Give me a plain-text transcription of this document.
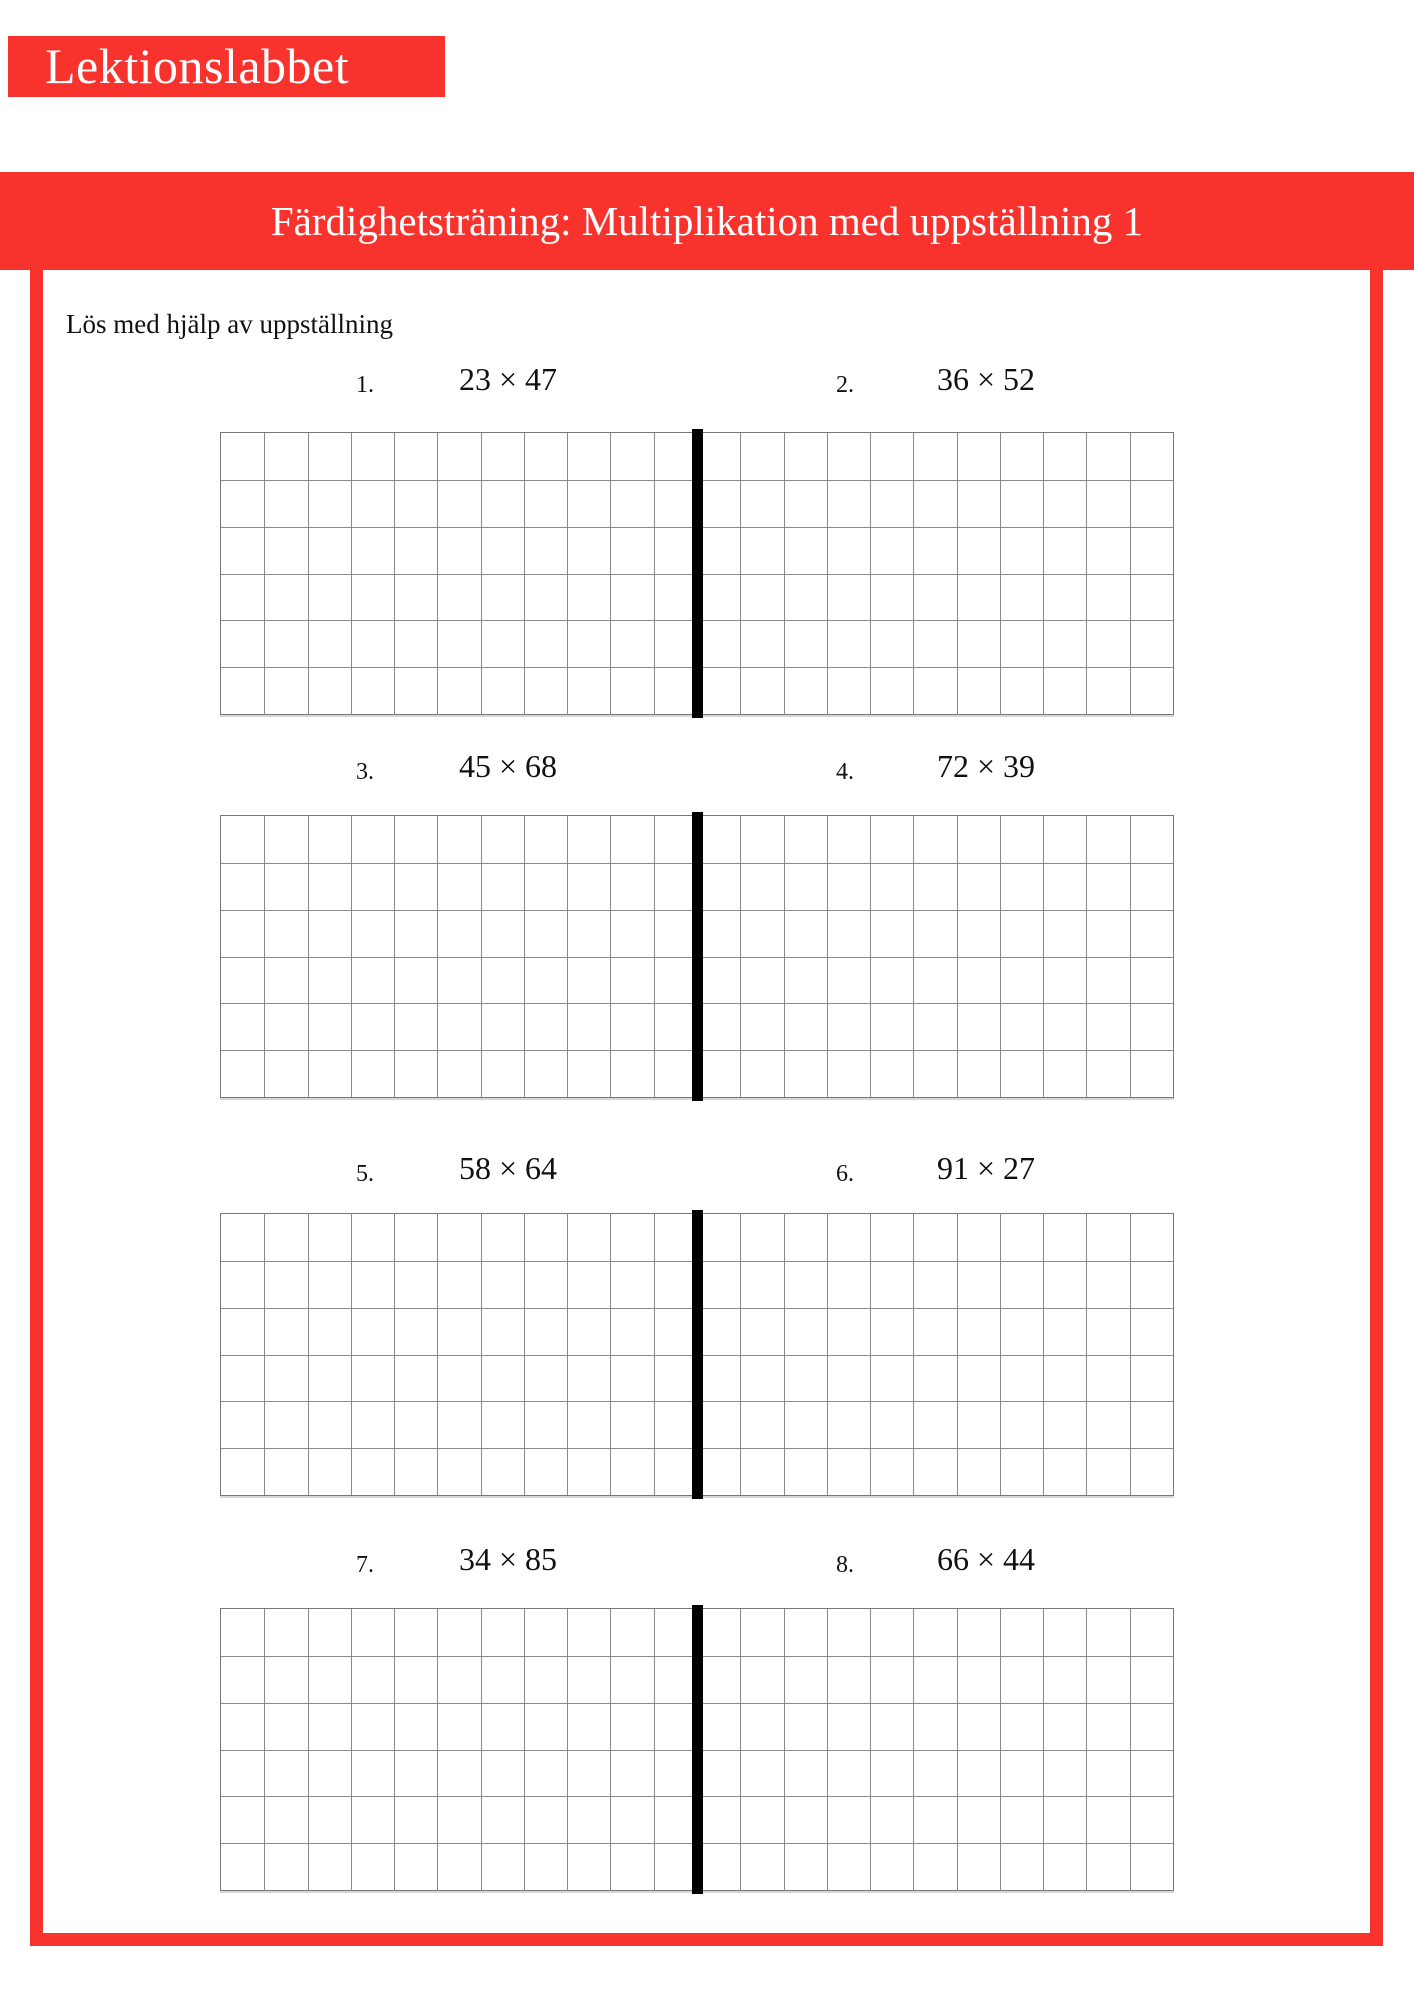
Lektionslabbet
Färdighetsträning: Multiplikation med uppställning 1

Lös med hjälp av uppställning

1.	23 × 47	2.	36 × 52
3.	45 × 68	4.	72 × 39
5.	58 × 64	6.	91 × 27
7.	34 × 85	8.	66 × 44
